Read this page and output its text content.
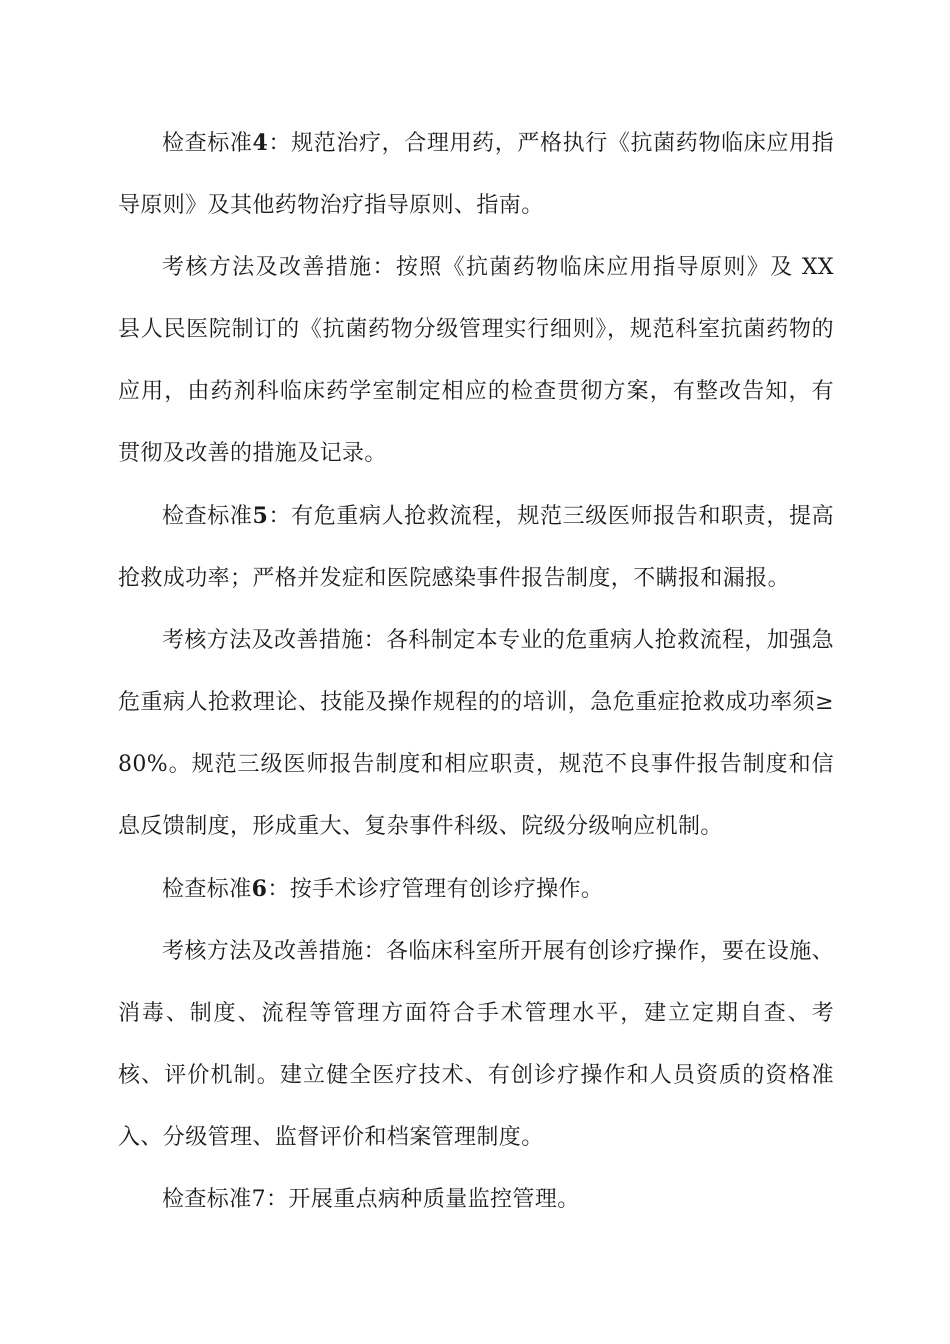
检查标准4：规范治疗，合理用药，严格执行《抗菌药物临床应用指导原则》及其他药物治疗指导原则、指南。

考核方法及改善措施：按照《抗菌药物临床应用指导原则》及 XX 县人民医院制订的《抗菌药物分级管理实行细则》，规范科室抗菌药物的应用，由药剂科临床药学室制定相应的检查贯彻方案，有整改告知，有贯彻及改善的措施及记录。

检查标准5：有危重病人抢救流程，规范三级医师报告和职责，提高抢救成功率；严格并发症和医院感染事件报告制度，不瞒报和漏报。

考核方法及改善措施：各科制定本专业的危重病人抢救流程，加强急危重病人抢救理论、技能及操作规程的的培训，急危重症抢救成功率须≥80%。规范三级医师报告制度和相应职责，规范不良事件报告制度和信息反馈制度，形成重大、复杂事件科级、院级分级响应机制。

检查标准6：按手术诊疗管理有创诊疗操作。

考核方法及改善措施：各临床科室所开展有创诊疗操作，要在设施、消毒、制度、流程等管理方面符合手术管理水平，建立定期自查、考核、评价机制。建立健全医疗技术、有创诊疗操作和人员资质的资格准入、分级管理、监督评价和档案管理制度。

检查标准7：开展重点病种质量监控管理。
